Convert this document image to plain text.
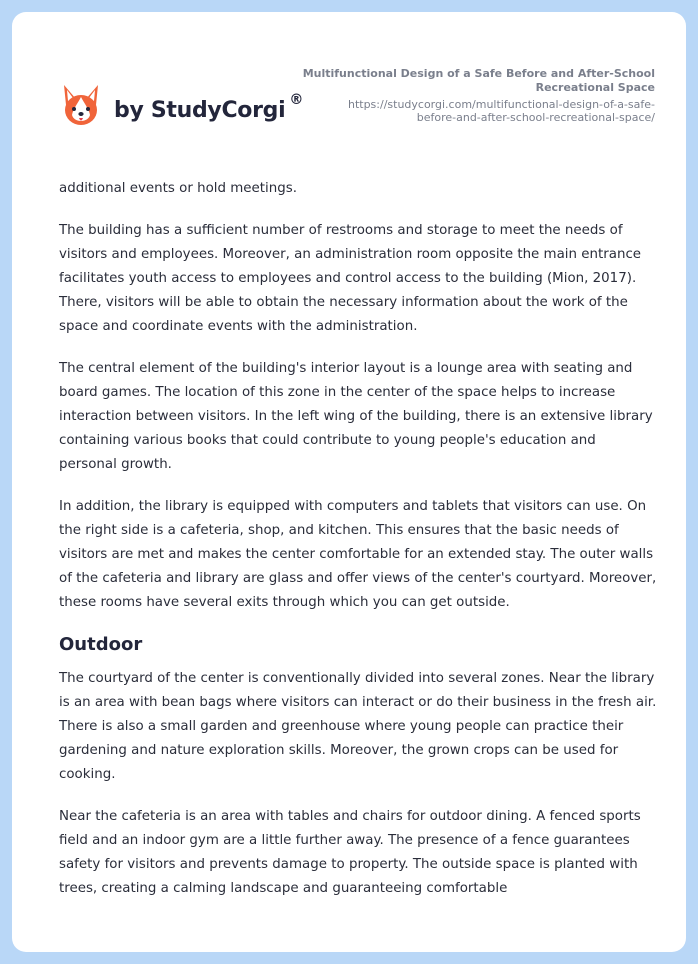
by StudyCorgi ®
Multifunctional Design of a Safe Before and After-School
Recreational Space
https://studycorgi.com/multifunctional-design-of-a-safe-
before-and-after-school-recreational-space/

additional events or hold meetings.

The building has a sufficient number of restrooms and storage to meet the needs of visitors and employees. Moreover, an administration room opposite the main entrance facilitates youth access to employees and control access to the building (Mion, 2017). There, visitors will be able to obtain the necessary information about the work of the space and coordinate events with the administration.

The central element of the building's interior layout is a lounge area with seating and board games. The location of this zone in the center of the space helps to increase interaction between visitors. In the left wing of the building, there is an extensive library containing various books that could contribute to young people's education and personal growth.

In addition, the library is equipped with computers and tablets that visitors can use. On the right side is a cafeteria, shop, and kitchen. This ensures that the basic needs of visitors are met and makes the center comfortable for an extended stay. The outer walls of the cafeteria and library are glass and offer views of the center's courtyard. Moreover, these rooms have several exits through which you can get outside.

Outdoor

The courtyard of the center is conventionally divided into several zones. Near the library is an area with bean bags where visitors can interact or do their business in the fresh air. There is also a small garden and greenhouse where young people can practice their gardening and nature exploration skills. Moreover, the grown crops can be used for cooking.

Near the cafeteria is an area with tables and chairs for outdoor dining. A fenced sports field and an indoor gym are a little further away. The presence of a fence guarantees safety for visitors and prevents damage to property. The outside space is planted with trees, creating a calming landscape and guaranteeing comfortable
